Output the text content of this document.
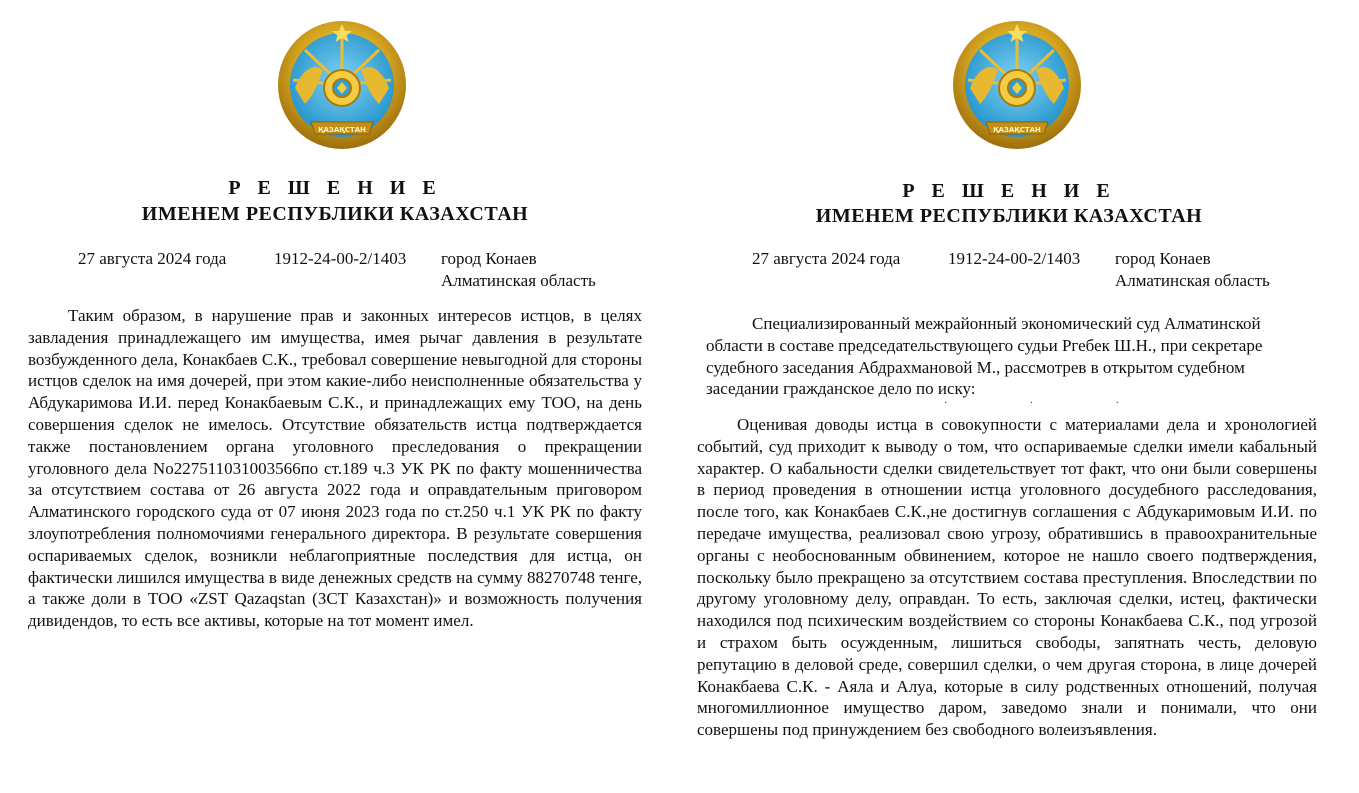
Р Е Ш Е Н И Е
ИМЕНЕМ РЕСПУБЛИКИ КАЗАХСТАН
27 августа 2024 года	1912-24-00-2/1403 город Конаев
Алматинская область

Таким образом, в нарушение прав и законных интересов истцов, в целях завладения принадлежащего им имущества, имея рычаг давления в результате возбужденного дела, Конакбаев С.К., требовал совершение невыгодной для стороны истцов сделок на имя дочерей, при этом какие-либо неисполненные обязательства у Абдукаримова И.И. перед Конакбаевым С.К., и принадлежащих ему ТОО, на день совершения сделок не имелось. Отсутствие обязательств истца подтверждается также постановлением органа уголовного преследования о прекращении уголовного дела No227511031003566по ст.189 ч.3 УК РК по факту мошенничества за отсутствием состава от 26 августа 2022 года и оправдательным приговором Алматинского городского суда от 07 июня 2023 года по ст.250 ч.1 УК РК по факту злоупотребления полномочиями генерального директора. В результате совершения оспариваемых сделок, возникли неблагоприятные последствия для истца, он фактически лишился имущества в виде денежных средств на сумму 88270748 тенге, а также доли в ТОО «ZST Qazaqstan (ЗСТ Казахстан)» и возможность получения дивидендов, то есть все активы, которые на тот момент имел.

Р Е Ш Е Н И Е
ИМЕНЕМ РЕСПУБЛИКИ КАЗАХСТАН
27 августа 2024 года	1912-24-00-2/1403 город Конаев
Алматинская область

Специализированный межрайонный экономический суд Алматинской области в составе председательствующего судьи Ргебек Ш.Н., при секретаре судебного заседания Абдрахмановой М., рассмотрев в открытом судебном заседании гражданское дело по иску:

· · ·

Оценивая доводы истца в совокупности с материалами дела и хронологией событий, суд приходит к выводу о том, что оспариваемые сделки имели кабальный характер. О кабальности сделки свидетельствует тот факт, что они были совершены в период проведения в отношении истца уголовного досудебного расследования, после того, как Конакбаев С.К.,не достигнув соглашения с Абдукаримовым И.И. по передаче имущества, реализовал свою угрозу, обратившись в правоохранительные органы с необоснованным обвинением, которое не нашло своего подтверждения, поскольку было прекращено за отсутствием состава преступления. Впоследствии по другому уголовному делу, оправдан. То есть, заключая сделки, истец, фактически находился под психическим воздействием со стороны Конакбаева С.К., под угрозой и страхом быть осужденным, лишиться свободы, запятнать честь, деловую репутацию в деловой среде, совершил сделки, о чем другая сторона, в лице дочерей Конакбаева С.К. - Аяла и Алуа, которые в силу родственных отношений, получая многомиллионное имущество даром, заведомо знали и понимали, что они совершены под принуждением без свободного волеизъявления.
